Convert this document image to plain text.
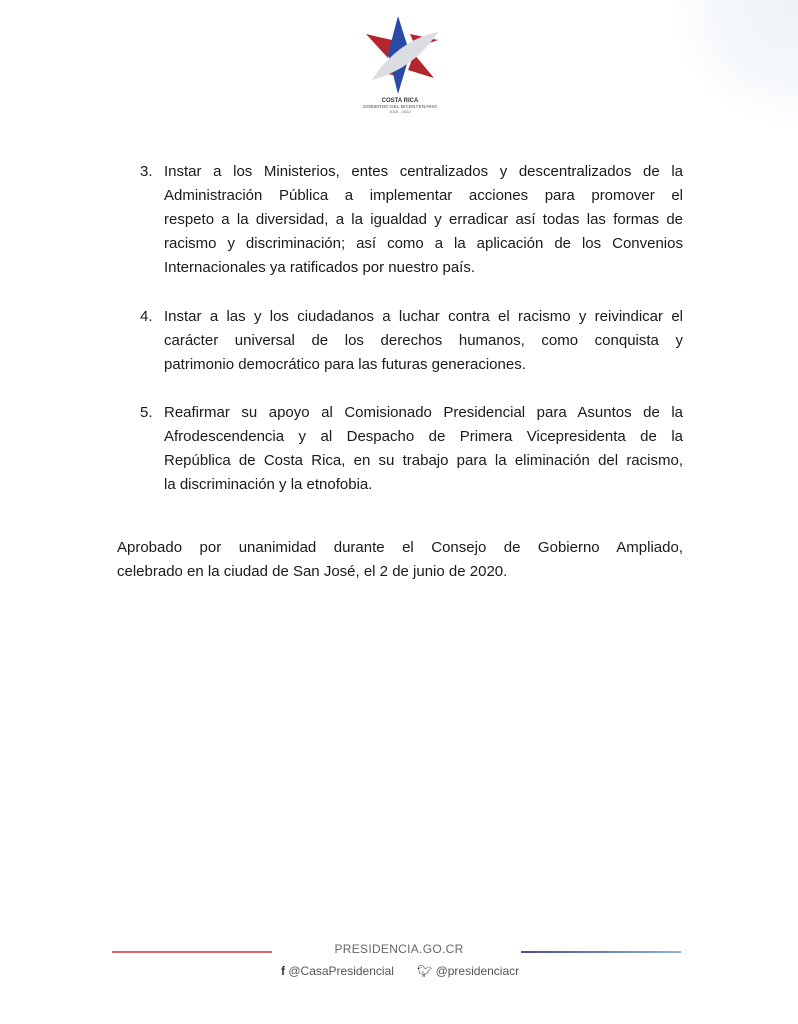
COSTA RICA
GOBIERNO DEL BICENTENARIO
2018 - 2022
3. Instar a los Ministerios, entes centralizados y descentralizados de la
Administración Pública a implementar acciones para promover el
respeto a la diversidad, a la igualdad y erradicar así todas las formas de
racismo y discriminación; así como a la aplicación de los Convenios
Internacionales ya ratificados por nuestro país.
4. Instar a las y los ciudadanos a luchar contra el racismo y reivindicar el
carácter universal de los derechos humanos, como conquista y
patrimonio democrático para las futuras generaciones.
5. Reafirmar su apoyo al Comisionado Presidencial para Asuntos de la
Afrodescendencia y al Despacho de Primera Vicepresidenta de la
República de Costa Rica, en su trabajo para la eliminación del racismo,
la discriminación y la etnofobia.
Aprobado por unanimidad durante el Consejo de Gobierno Ampliado,
celebrado en la ciudad de San José, el 2 de junio de 2020.
PRESIDENCIA.GO.CR
f @CasaPresidencial 🐦︎ @presidenciacr
